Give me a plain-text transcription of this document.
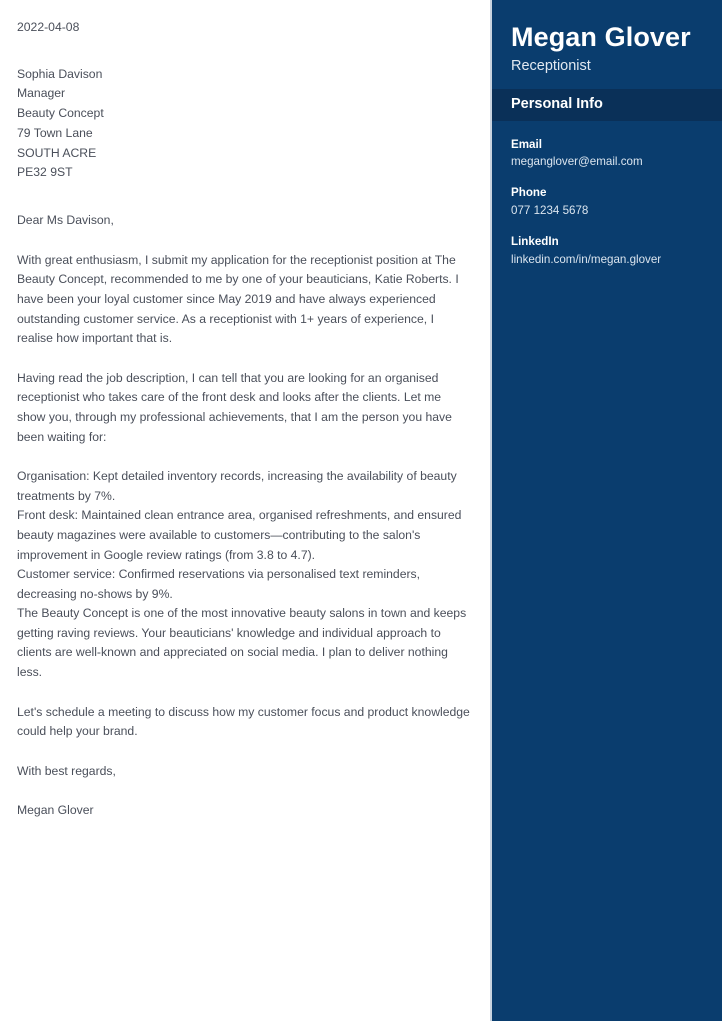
2022-04-08
Sophia Davison
Manager
Beauty Concept
79 Town Lane
SOUTH ACRE
PE32 9ST
Dear Ms Davison,

With great enthusiasm, I submit my application for the receptionist position at The Beauty Concept, recommended to me by one of your beauticians, Katie Roberts. I have been your loyal customer since May 2019 and have always experienced outstanding customer service. As a receptionist with 1+ years of experience, I realise how important that is.

Having read the job description, I can tell that you are looking for an organised receptionist who takes care of the front desk and looks after the clients. Let me show you, through my professional achievements, that I am the person you have been waiting for:

Organisation: Kept detailed inventory records, increasing the availability of beauty treatments by 7%.
Front desk: Maintained clean entrance area, organised refreshments, and ensured beauty magazines were available to customers—contributing to the salon's improvement in Google review ratings (from 3.8 to 4.7).
Customer service: Confirmed reservations via personalised text reminders, decreasing no-shows by 9%.
The Beauty Concept is one of the most innovative beauty salons in town and keeps getting raving reviews. Your beauticians' knowledge and individual approach to clients are well-known and appreciated on social media. I plan to deliver nothing less.

Let's schedule a meeting to discuss how my customer focus and product knowledge could help your brand.

With best regards,
Megan Glover
Megan Glover
Receptionist
Personal Info
Email
meganglover@email.com
Phone
077 1234 5678
LinkedIn
linkedin.com/in/megan.glover
